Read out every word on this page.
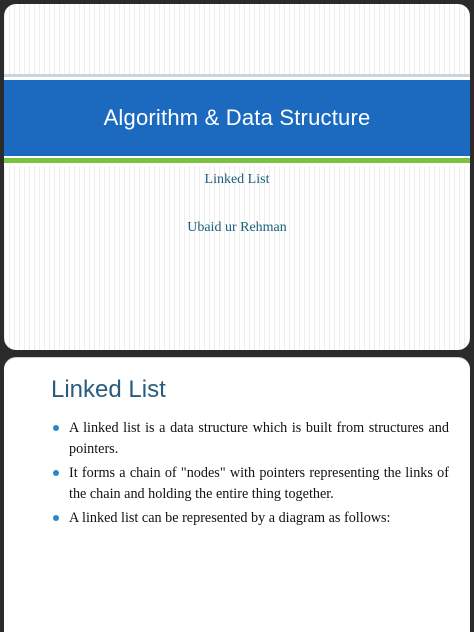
Algorithm & Data Structure
Linked List
Ubaid ur Rehman
Linked List
A linked list is a data structure which is built from structures and pointers.
It forms a chain of "nodes" with pointers representing the links of the chain and holding the entire thing together.
A linked list can be represented by a diagram as follows:
